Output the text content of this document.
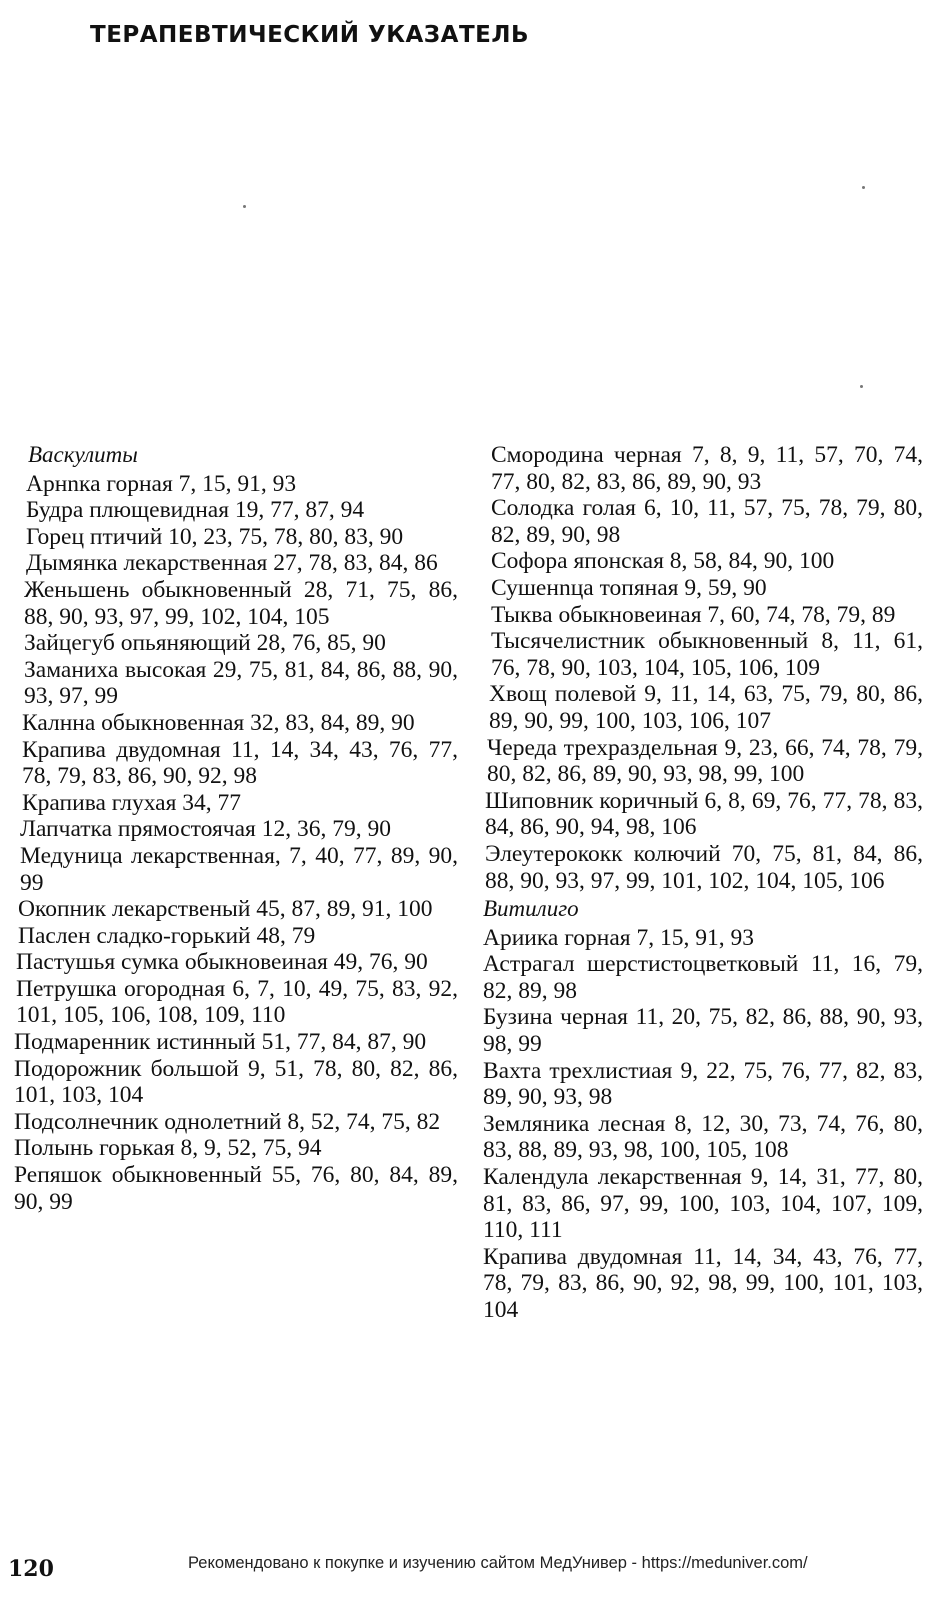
ТЕРАПЕВТИЧЕСКИЙ УКАЗАТЕЛЬ
Васкулиты
Арнnка горная 7, 15, 91, 93
Будра плющевидная 19, 77, 87, 94
Горец птичий 10, 23, 75, 78, 80, 83, 90
Дымянка лекарственная 27, 78, 83, 84, 86
Женьшень обыкновенный 28, 71, 75, 86, 88, 90, 93, 97, 99, 102, 104, 105
Зайцегуб опьяняющий 28, 76, 85, 90
Заманиха высокая 29, 75, 81, 84, 86, 88, 90, 93, 97, 99
Калнна обыкновенная 32, 83, 84, 89, 90
Крапива двудомная 11, 14, 34, 43, 76, 77, 78, 79, 83, 86, 90, 92, 98
Крапива глухая 34, 77
Лапчатка прямостоячая 12, 36, 79, 90
Медуница лекарственная, 7, 40, 77, 89, 90, 99
Окопник лекарственый 45, 87, 89, 91, 100
Паслен сладко-горький 48, 79
Пастушья сумка обыкновеиная 49, 76, 90
Петрушка огородная 6, 7, 10, 49, 75, 83, 92, 101, 105, 106, 108, 109, 110
Подмаренник истинный 51, 77, 84, 87, 90
Подорожник большой 9, 51, 78, 80, 82, 86, 101, 103, 104
Подсолнечник однолетний 8, 52, 74, 75, 82
Полынь горькая 8, 9, 52, 75, 94
Репяшок обыкновенный 55, 76, 80, 84, 89, 90, 99
Смородина черная 7, 8, 9, 11, 57, 70, 74, 77, 80, 82, 83, 86, 89, 90, 93
Солодка голая 6, 10, 11, 57, 75, 78, 79, 80, 82, 89, 90, 98
Софора японская 8, 58, 84, 90, 100
Сушенnца топяная 9, 59, 90
Тыква обыкновеиная 7, 60, 74, 78, 79, 89
Тысячелистник обыкновенный 8, 11, 61, 76, 78, 90, 103, 104, 105, 106, 109
Хвощ полевой 9, 11, 14, 63, 75, 79, 80, 86, 89, 90, 99, 100, 103, 106, 107
Череда трехраздельная 9, 23, 66, 74, 78, 79, 80, 82, 86, 89, 90, 93, 98, 99, 100
Шиповник коричный 6, 8, 69, 76, 77, 78, 83, 84, 86, 90, 94, 98, 106
Элеутерококк колючий 70, 75, 81, 84, 86, 88, 90, 93, 97, 99, 101, 102, 104, 105, 106
Витилиго
Ариика горная 7, 15, 91, 93
Астрагал шерстистоцветковый 11, 16, 79, 82, 89, 98
Бузина черная 11, 20, 75, 82, 86, 88, 90, 93, 98, 99
Вахта трехлистиая 9, 22, 75, 76, 77, 82, 83, 89, 90, 93, 98
Земляника лесная 8, 12, 30, 73, 74, 76, 80, 83, 88, 89, 93, 98, 100, 105, 108
Календула лекарственная 9, 14, 31, 77, 80, 81, 83, 86, 97, 99, 100, 103, 104, 107, 109, 110, 111
Крапива двудомная 11, 14, 34, 43, 76, 77, 78, 79, 83, 86, 90, 92, 98, 99, 100, 101, 103, 104
120	Рекомендовано к покупке и изучению сайтом МедУнивер - https://meduniver.com/
